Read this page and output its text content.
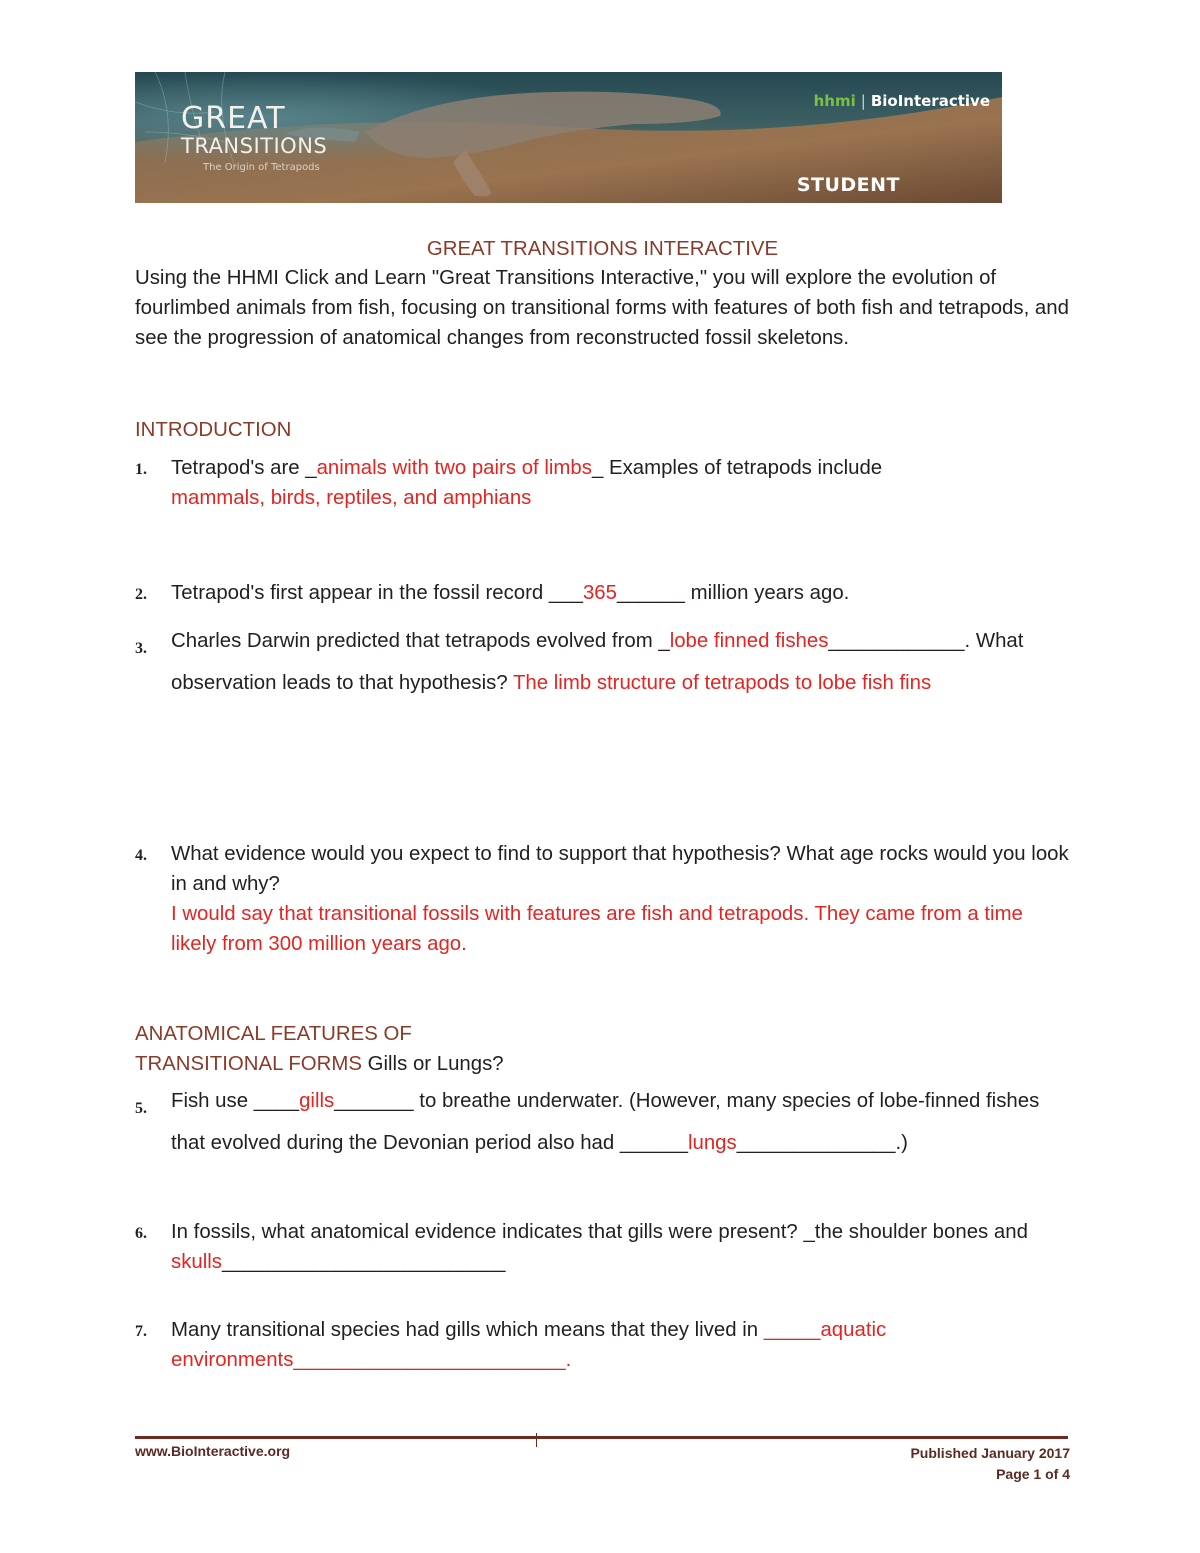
GREAT
TRANSITIONS
The Origin of Tetrapods
hhmi | BioInteractive
STUDENT
GREAT TRANSITIONS INTERACTIVE
Using the HHMI Click and Learn "Great Transitions Interactive," you will explore the evolution of fourlimbed animals from fish, focusing on transitional forms with features of both fish and tetrapods, and see the progression of anatomical changes from reconstructed fossil skeletons.
INTRODUCTION
1. Tetrapod's are _animals with two pairs of limbs_ Examples of tetrapods include
mammals, birds, reptiles, and amphians
2. Tetrapod's first appear in the fossil record ___365______ million years ago.
3. Charles Darwin predicted that tetrapods evolved from _lobe finned fishes____________. What observation leads to that hypothesis? The limb structure of tetrapods to lobe fish fins
4. What evidence would you expect to find to support that hypothesis? What age rocks would you look in and why?
I would say that transitional fossils with features are fish and tetrapods. They came from a time likely from 300 million years ago.
ANATOMICAL FEATURES OF
TRANSITIONAL FORMS Gills or Lungs?
5. Fish use ____gills_______ to breathe underwater. (However, many species of lobe-finned fishes that evolved during the Devonian period also had ______lungs______________.)
6. In fossils, what anatomical evidence indicates that gills were present? _the shoulder bones and skulls_________________________
7. Many transitional species had gills which means that they lived in _____aquatic environments________________________.
www.BioInteractive.org	Published January 2017
Page 1 of 4
